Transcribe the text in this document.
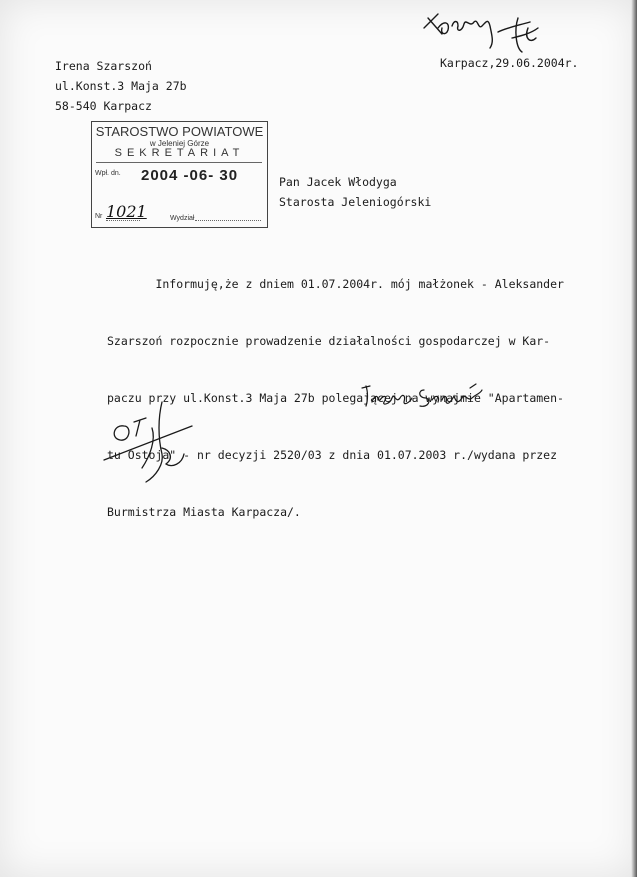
Irena Szarszoń
ul.Konst.3 Maja 27b
58-540 Karpacz
Karpacz,29.06.2004r.
STAROSTWO POWIATOWE
w Jeleniej Górze
SEKRETARIAT
Wpł. dn. 2004 -06- 30
Nr 1021	Wydział
Pan Jacek Włodyga
Starosta Jeleniogórski

Informuję,że z dniem 01.07.2004r. mój małżonek - Aleksander

Szarszoń rozpocznie prowadzenie działalności gospodarczej w Kar-

paczu przy ul.Konst.3 Maja 27b polegającej na wynajmie "Apartamen-

tu Ostoja" - nr decyzji 2520/03 z dnia 01.07.2003 r./wydana przez

Burmistrza Miasta Karpacza/.
